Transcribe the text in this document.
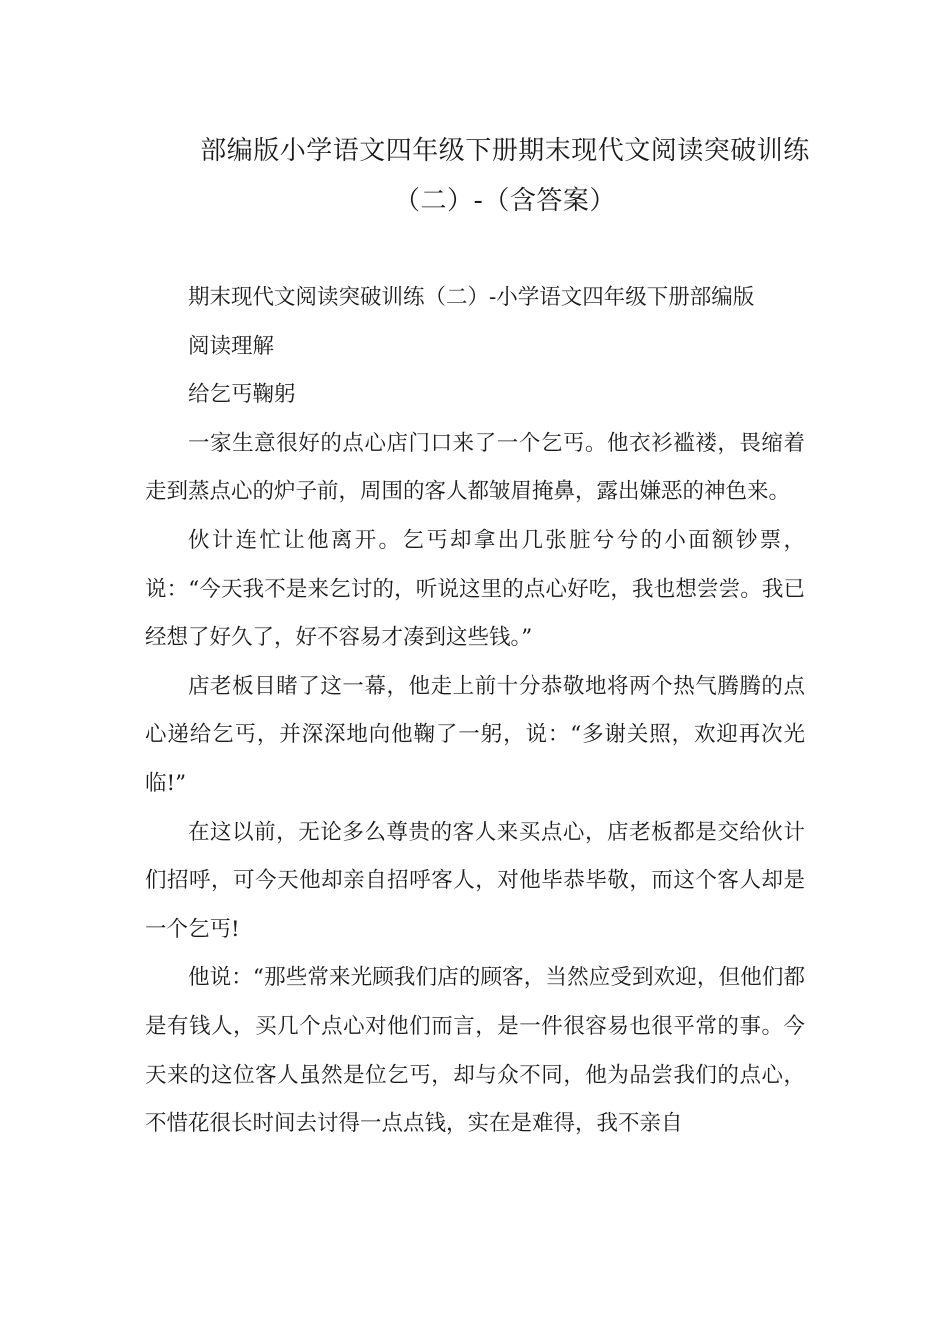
部编版小学语文四年级下册期末现代文阅读突破训练
（二）-（含答案）

期末现代文阅读突破训练（二）-小学语文四年级下册部编版

阅读理解

给乞丐鞠躬

一家生意很好的点心店门口来了一个乞丐。他衣衫褴褛，畏缩着走到蒸点心的炉子前，周围的客人都皱眉掩鼻，露出嫌恶的神色来。

伙计连忙让他离开。乞丐却拿出几张脏兮兮的小面额钞票，说：“今天我不是来乞讨的，听说这里的点心好吃，我也想尝尝。我已经想了好久了，好不容易才凑到这些钱。”

店老板目睹了这一幕，他走上前十分恭敬地将两个热气腾腾的点心递给乞丐，并深深地向他鞠了一躬，说：“多谢关照，欢迎再次光临!”

在这以前，无论多么尊贵的客人来买点心，店老板都是交给伙计们招呼，可今天他却亲自招呼客人，对他毕恭毕敬，而这个客人却是一个乞丐!

他说：“那些常来光顾我们店的顾客，当然应受到欢迎，但他们都是有钱人，买几个点心对他们而言，是一件很容易也很平常的事。今天来的这位客人虽然是位乞丐，却与众不同，他为品尝我们的点心，不惜花很长时间去讨得一点点钱，实在是难得，我不亲自
